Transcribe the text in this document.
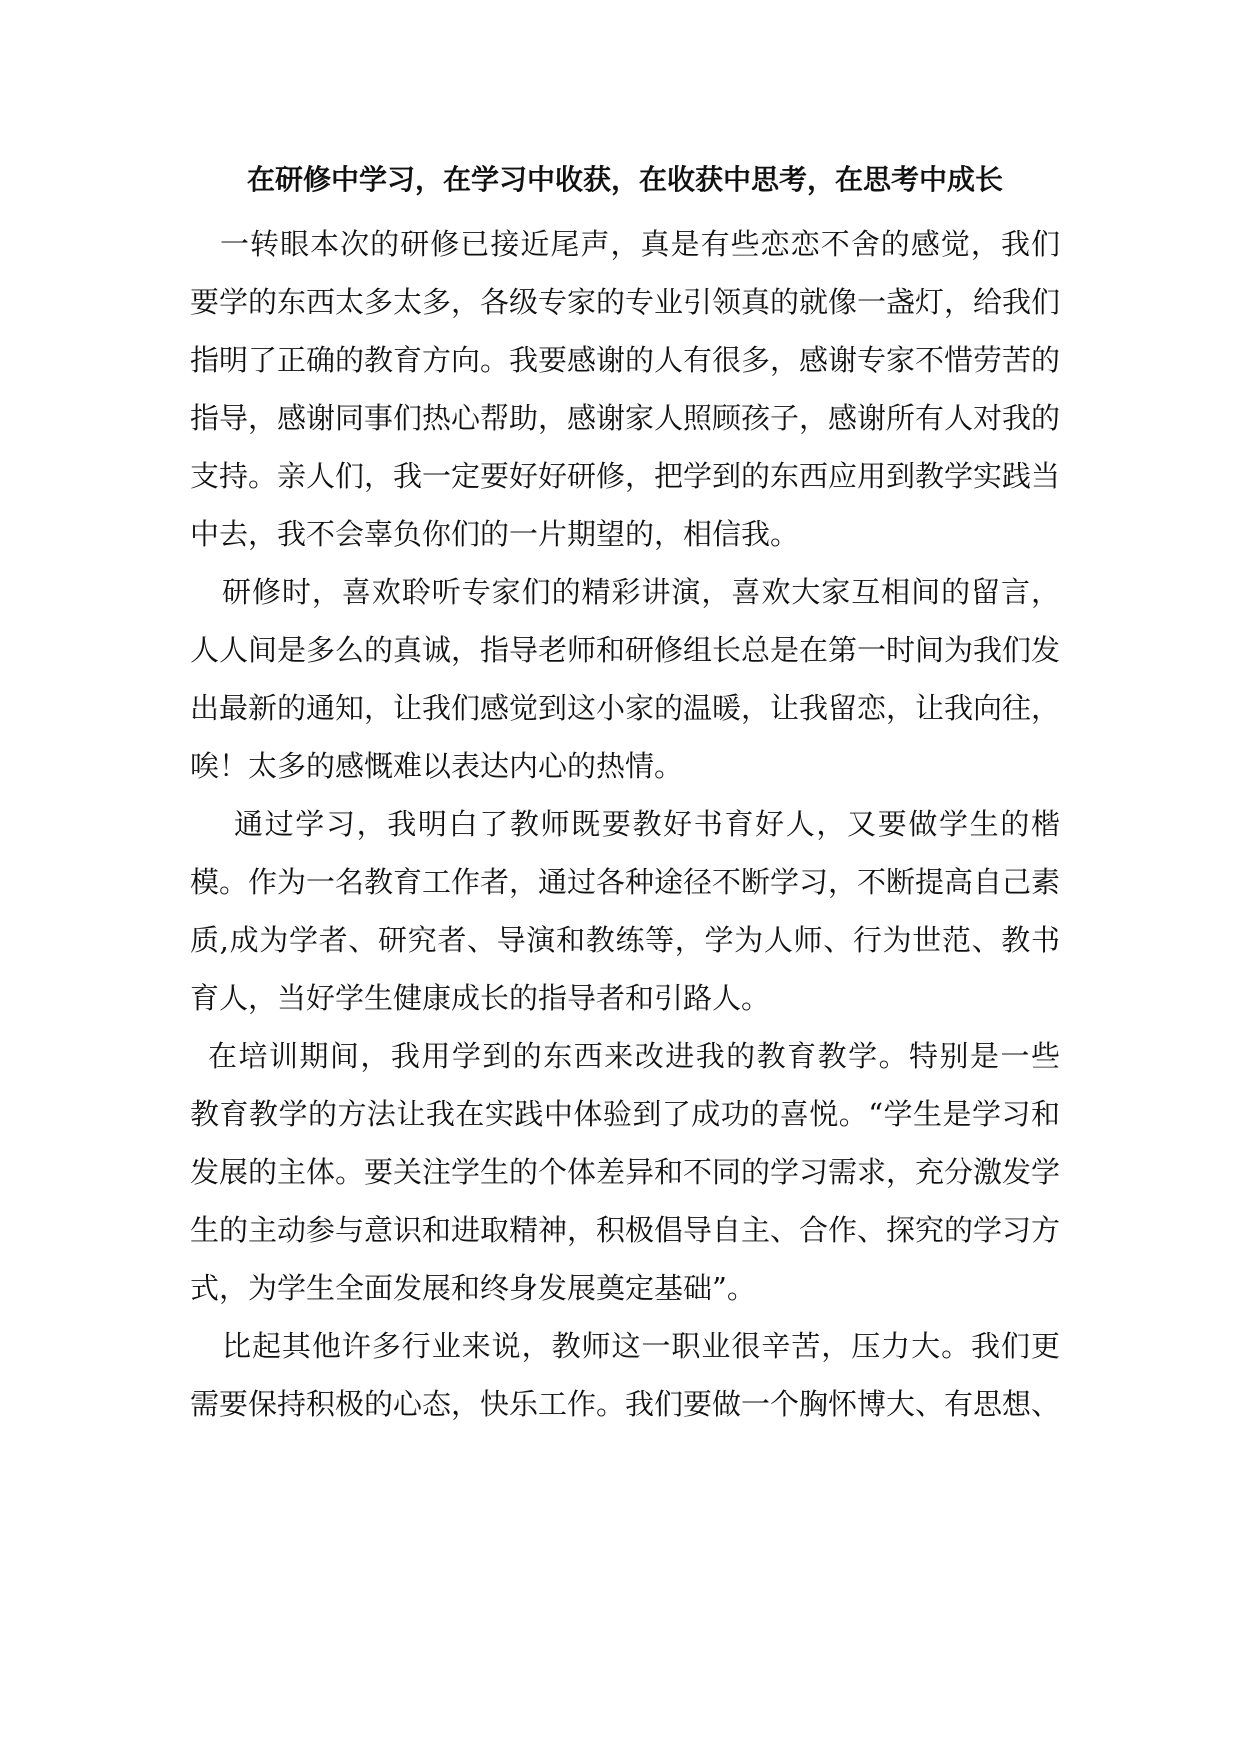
在研修中学习，在学习中收获，在收获中思考，在思考中成长

一转眼本次的研修已接近尾声，真是有些恋恋不舍的感觉，我们

要学的东西太多太多，各级专家的专业引领真的就像一盏灯，给我们

指明了正确的教育方向。我要感谢的人有很多，感谢专家不惜劳苦的

指导，感谢同事们热心帮助，感谢家人照顾孩子，感谢所有人对我的

支持。亲人们，我一定要好好研修，把学到的东西应用到教学实践当

中去，我不会辜负你们的一片期望的，相信我。

研修时，喜欢聆听专家们的精彩讲演，喜欢大家互相间的留言，

人人间是多么的真诚，指导老师和研修组长总是在第一时间为我们发

出最新的通知，让我们感觉到这小家的温暖，让我留恋，让我向往，

唉！太多的感慨难以表达内心的热情。

通过学习，我明白了教师既要教好书育好人，又要做学生的楷

模。作为一名教育工作者，通过各种途径不断学习，不断提高自己素

质,成为学者、研究者、导演和教练等，学为人师、行为世范、教书

育人，当好学生健康成长的指导者和引路人。

在培训期间，我用学到的东西来改进我的教育教学。特别是一些

教育教学的方法让我在实践中体验到了成功的喜悦。“学生是学习和

发展的主体。要关注学生的个体差异和不同的学习需求，充分激发学

生的主动参与意识和进取精神，积极倡导自主、合作、探究的学习方

式，为学生全面发展和终身发展奠定基础”。

比起其他许多行业来说，教师这一职业很辛苦，压力大。我们更

需要保持积极的心态，快乐工作。我们要做一个胸怀博大、有思想、
